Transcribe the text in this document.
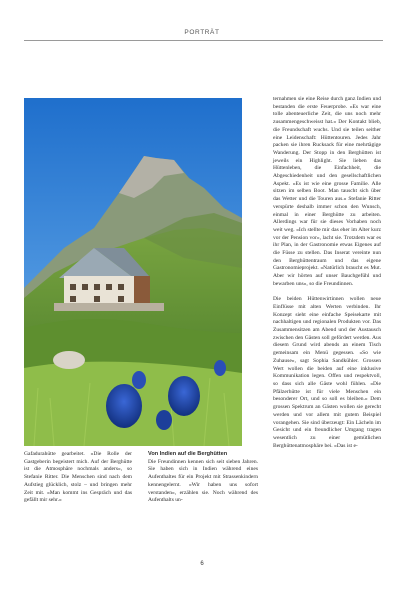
PORTRÄT

Gafadurahütte gearbeitet. «Die Rolle der Gastgeberin begeistert mich. Auf der Berghütte ist die Atmosphäre nochmals anders», so Stefanie Ritter. Die Menschen sind nach dem Aufstieg glücklich, stolz – und bringen mehr Zeit mit. «Man kommt ins Gespräch und das gefällt mir sehr.»

Von Indien auf die Berghütten

Die Freundinnen kennen sich seit sieben Jahren. Sie haben sich in Indien während eines Aufenthaltes für ein Projekt mit Strassenkindern kennengelernt. «Wir haben uns sofort verstanden», erzählen sie. Noch während des Aufenthalts un-

ternahmen sie eine Reise durch ganz Indien und bestanden die erste Feuerprobe. «Es war eine tolle abenteuerliche Zeit, die uns noch mehr zusammengeschweisst hat.» Der Kontakt blieb, die Freundschaft wuchs. Und sie teilen seither eine Leidenschaft: Hüttentouren. Jedes Jahr packen sie ihren Rucksack für eine mehrtägige Wanderung. Der Stopp in den Berghütten ist jeweils ein Highlight. Sie lieben das Hüttenleben, die Einfachheit, die Abgeschiedenheit und den gesellschaftlichen Aspekt. «Es ist wie eine grosse Familie. Alle sitzen im selben Boot. Man tauscht sich über das Wetter und die Touren aus.» Stefanie Ritter verspürte deshalb immer schon den Wunsch, einmal in einer Berghütte zu arbeiten. Allerdings war für sie dieses Vorhaben noch weit weg. «Ich stellte mir das eher im Alter kurz vor der Pension vor», lacht sie. Trotzdem war es ihr Plan, in der Gastronomie etwas Eigenes auf die Füsse zu stellen. Das Inserat vereinte nun den Berghüttentraum und das eigene Gastronomieprojekt. «Natürlich braucht es Mut. Aber wir hörten auf unser Bauchgefühl und bewarben uns», so die Freundinnen.

Die beiden Hüttenwirtinnen wollen neue Einflüsse mit alten Werten verbinden. Ihr Konzept sieht eine einfache Speisekarte mit nachhaltigen und regionalen Produkten vor. Das Zusammensitzen am Abend und der Austausch zwischen den Gästen soll gefördert werden. Aus diesem Grund wird abends an einem Tisch gemeinsam ein Menü gegessen. «So wie Zuhause», sagt Sophia Sandkühler. Grossen Wert wollen die beiden auf eine inklusive Kommunikation legen. Offen und respektvoll, so dass sich alle Gäste wohl fühlen. «Die Pfälzerhütte ist für viele Menschen ein besonderer Ort, und so soll es bleiben.» Dem grossen Spektrum an Gästen wollen sie gerecht werden und vor allem mit gutem Beispiel vorangehen. Sie sind überzeugt: Ein Lächeln im Gesicht und ein freundlicher Umgang tragen wesentlich zu einer gemütlichen Berghüttenatmosphäre bei. «Das ist e-

6
